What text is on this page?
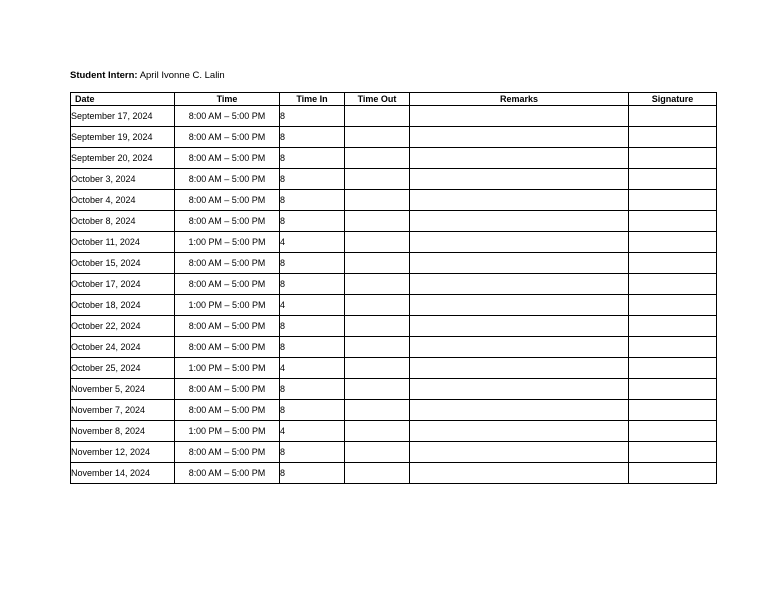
Student Intern: April Ivonne C. Lalin
Date	Time	Time In	Time Out	Remarks	Signature
September 17, 2024	8:00 AM – 5:00 PM	8			
September 19, 2024	8:00 AM – 5:00 PM	8			
September 20, 2024	8:00 AM – 5:00 PM	8			
October 3, 2024	8:00 AM – 5:00 PM	8			
October 4, 2024	8:00 AM – 5:00 PM	8			
October 8, 2024	8:00 AM – 5:00 PM	8			
October 11, 2024	1:00 PM – 5:00 PM	4			
October 15, 2024	8:00 AM – 5:00 PM	8			
October 17, 2024	8:00 AM – 5:00 PM	8			
October 18, 2024	1:00 PM – 5:00 PM	4			
October 22, 2024	8:00 AM – 5:00 PM	8			
October 24, 2024	8:00 AM – 5:00 PM	8			
October 25, 2024	1:00 PM – 5:00 PM	4			
November 5, 2024	8:00 AM – 5:00 PM	8			
November 7, 2024	8:00 AM – 5:00 PM	8			
November 8, 2024	1:00 PM – 5:00 PM	4			
November 12, 2024	8:00 AM – 5:00 PM	8			
November 14, 2024	8:00 AM – 5:00 PM	8			
